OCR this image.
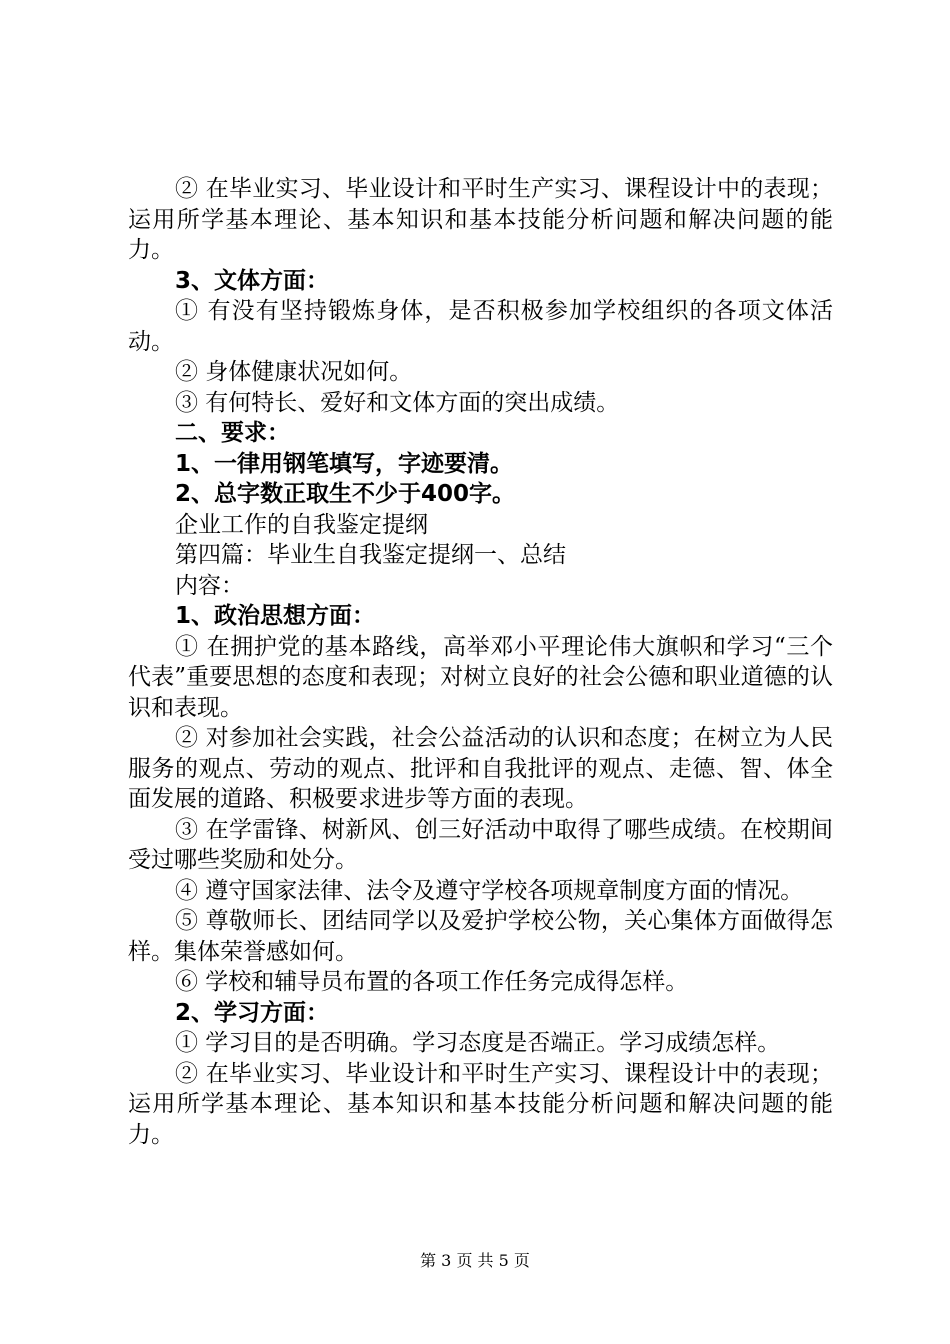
② 在毕业实习、毕业设计和平时生产实习、课程设计中的表现；运用所学基本理论、基本知识和基本技能分析问题和解决问题的能力。

3、文体方面：

① 有没有坚持锻炼身体，是否积极参加学校组织的各项文体活动。

② 身体健康状况如何。

③ 有何特长、爱好和文体方面的突出成绩。

二、要求：

1、一律用钢笔填写，字迹要清。

2、总字数正取生不少于400字。

企业工作的自我鉴定提纲

第四篇：毕业生自我鉴定提纲一、总结

内容：

1、政治思想方面：

① 在拥护党的基本路线，高举邓小平理论伟大旗帜和学习“三个代表”重要思想的态度和表现；对树立良好的社会公德和职业道德的认识和表现。

② 对参加社会实践，社会公益活动的认识和态度；在树立为人民服务的观点、劳动的观点、批评和自我批评的观点、走德、智、体全面发展的道路、积极要求进步等方面的表现。

③ 在学雷锋、树新风、创三好活动中取得了哪些成绩。在校期间受过哪些奖励和处分。

④ 遵守国家法律、法令及遵守学校各项规章制度方面的情况。

⑤ 尊敬师长、团结同学以及爱护学校公物，关心集体方面做得怎样。集体荣誉感如何。

⑥ 学校和辅导员布置的各项工作任务完成得怎样。

2、学习方面：

① 学习目的是否明确。学习态度是否端正。学习成绩怎样。

② 在毕业实习、毕业设计和平时生产实习、课程设计中的表现；运用所学基本理论、基本知识和基本技能分析问题和解决问题的能力。

第 3 页 共 5 页
